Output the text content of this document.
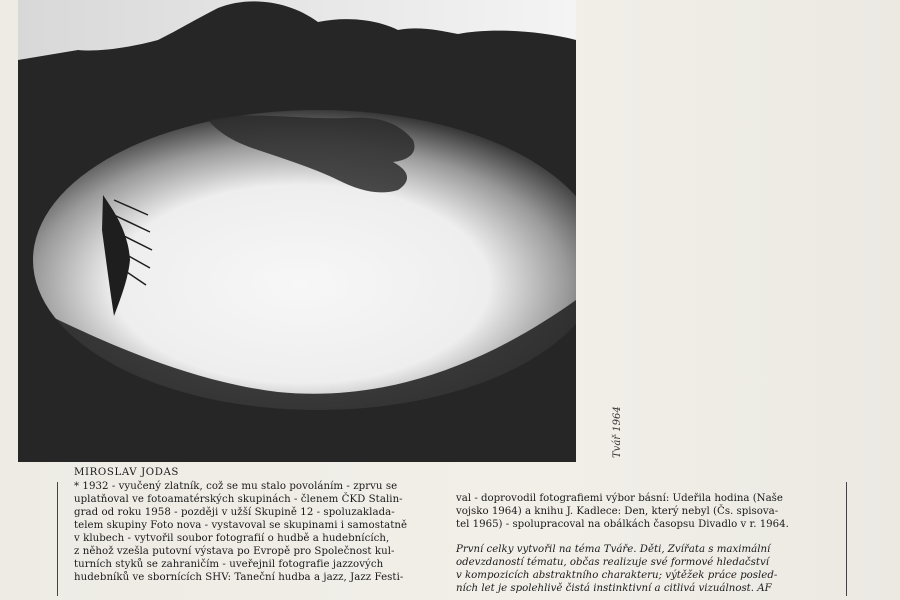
Tvář 1964
MIROSLAV JODAS

* 1932 - vyučený zlatník, což se mu stalo povoláním - zprvu se

uplatňoval ve fotoamatérských skupinách - členem ČKD Stalin-

grad od roku 1958 - později v užší Skupině 12 - spoluzaklada-

telem skupiny Foto nova - vystavoval se skupinami i samostatně

v klubech - vytvořil soubor fotografií o hudbě a hudebnících,

z něhož vzešla putovní výstava po Evropě pro Společnost kul-

turních styků se zahraničím - uveřejnil fotografie jazzových

hudebníků ve sbornících SHV: Taneční hudba a jazz, Jazz Festi-

val - doprovodil fotografiemi výbor básní: Udeřila hodina (Naše

vojsko 1964) a knihu J. Kadlece: Den, který nebyl (Čs. spisova-

tel 1965) - spolupracoval na obálkách časopsu Divadlo v r. 1964.

První celky vytvořil na téma Tváře. Děti, Zvířata s maximální

odevzdaností tématu, občas realizuje své formové hledačství

v kompozicích abstraktního charakteru; výtěžek práce posled-

ních let je spolehlivě čistá instinktivní a citlivá vizuálnost. AF
